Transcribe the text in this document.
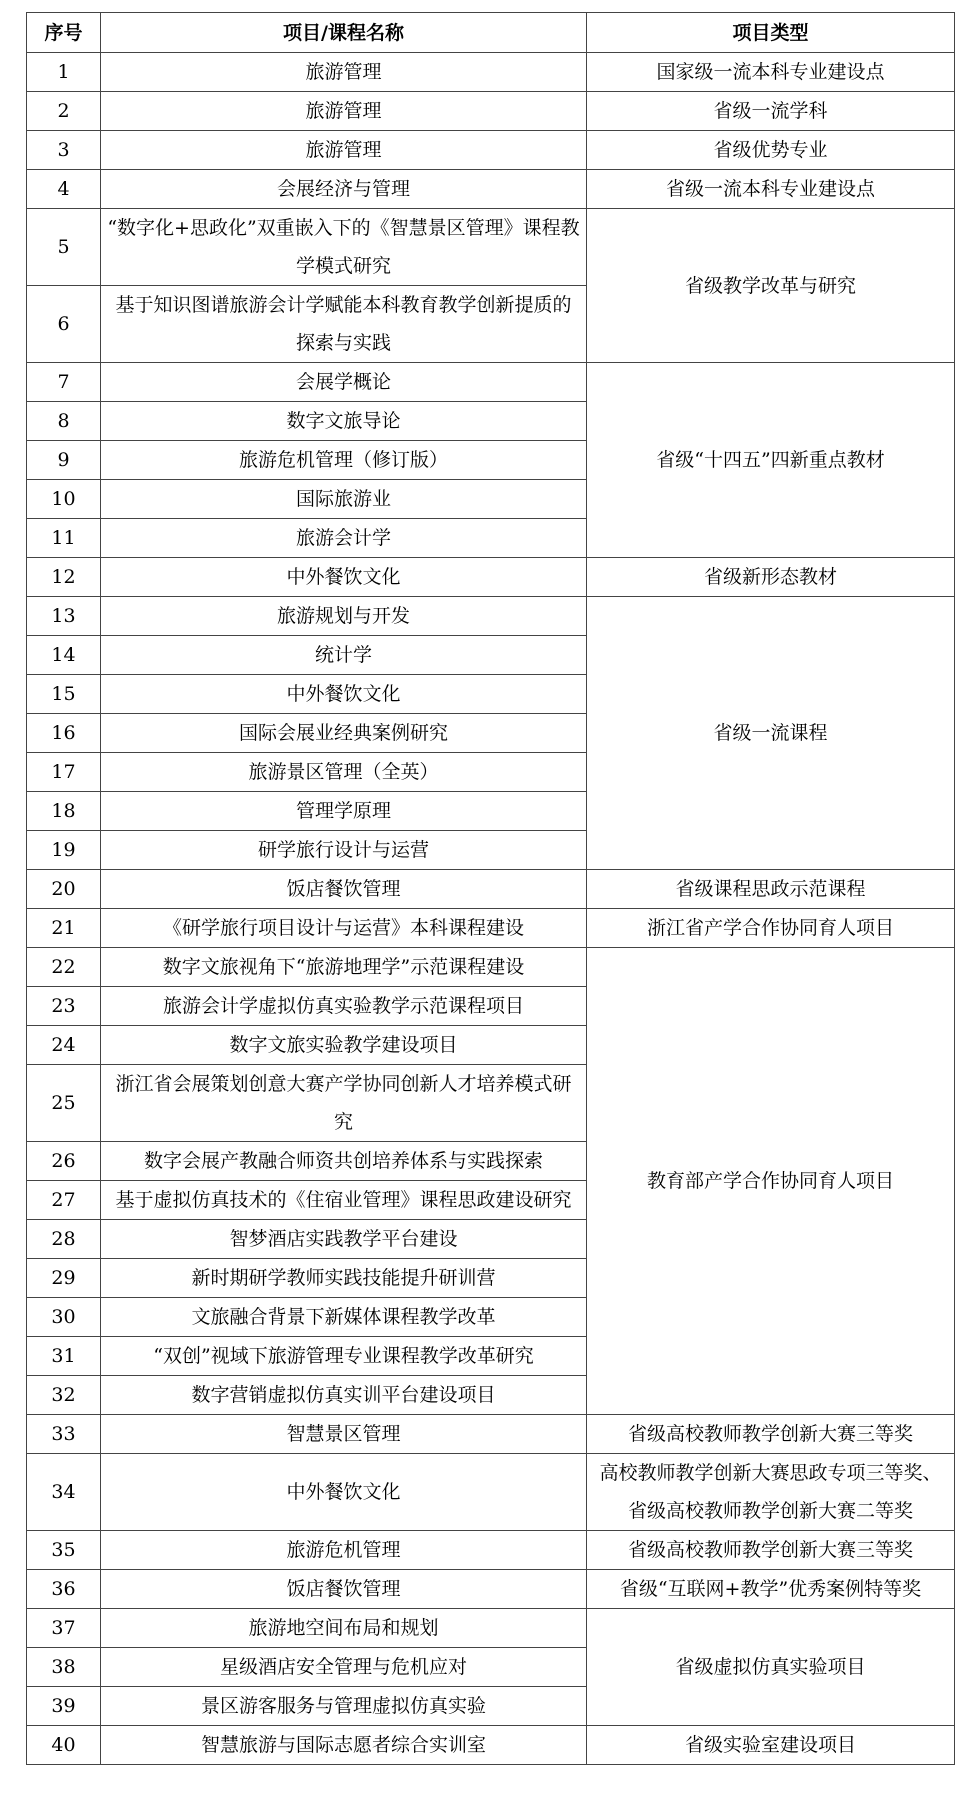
序号	项目/课程名称	项目类型
1	旅游管理	国家级一流本科专业建设点
2	旅游管理	省级一流学科
3	旅游管理	省级优势专业
4	会展经济与管理	省级一流本科专业建设点
5	“数字化+思政化”双重嵌入下的《智慧景区管理》课程教学模式研究	省级教学改革与研究
6	基于知识图谱旅游会计学赋能本科教育教学创新提质的探索与实践	
7	会展学概论	省级“十四五”四新重点教材
8	数字文旅导论	
9	旅游危机管理（修订版）	
10	国际旅游业	
11	旅游会计学	
12	中外餐饮文化	省级新形态教材
13	旅游规划与开发	省级一流课程
14	统计学	
15	中外餐饮文化	
16	国际会展业经典案例研究	
17	旅游景区管理（全英）	
18	管理学原理	
19	研学旅行设计与运营	
20	饭店餐饮管理	省级课程思政示范课程
21	《研学旅行项目设计与运营》本科课程建设	浙江省产学合作协同育人项目
22	数字文旅视角下“旅游地理学”示范课程建设	教育部产学合作协同育人项目
23	旅游会计学虚拟仿真实验教学示范课程项目	
24	数字文旅实验教学建设项目	
25	浙江省会展策划创意大赛产学协同创新人才培养模式研究	
26	数字会展产教融合师资共创培养体系与实践探索	
27	基于虚拟仿真技术的《住宿业管理》课程思政建设研究	
28	智梦酒店实践教学平台建设	
29	新时期研学教师实践技能提升研训营	
30	文旅融合背景下新媒体课程教学改革	
31	“双创”视域下旅游管理专业课程教学改革研究	
32	数字营销虚拟仿真实训平台建设项目	
33	智慧景区管理	省级高校教师教学创新大赛三等奖
34	中外餐饮文化	高校教师教学创新大赛思政专项三等奖、省级高校教师教学创新大赛二等奖
35	旅游危机管理	省级高校教师教学创新大赛三等奖
36	饭店餐饮管理	省级“互联网+教学”优秀案例特等奖
37	旅游地空间布局和规划	省级虚拟仿真实验项目
38	星级酒店安全管理与危机应对	
39	景区游客服务与管理虚拟仿真实验	
40	智慧旅游与国际志愿者综合实训室	省级实验室建设项目
